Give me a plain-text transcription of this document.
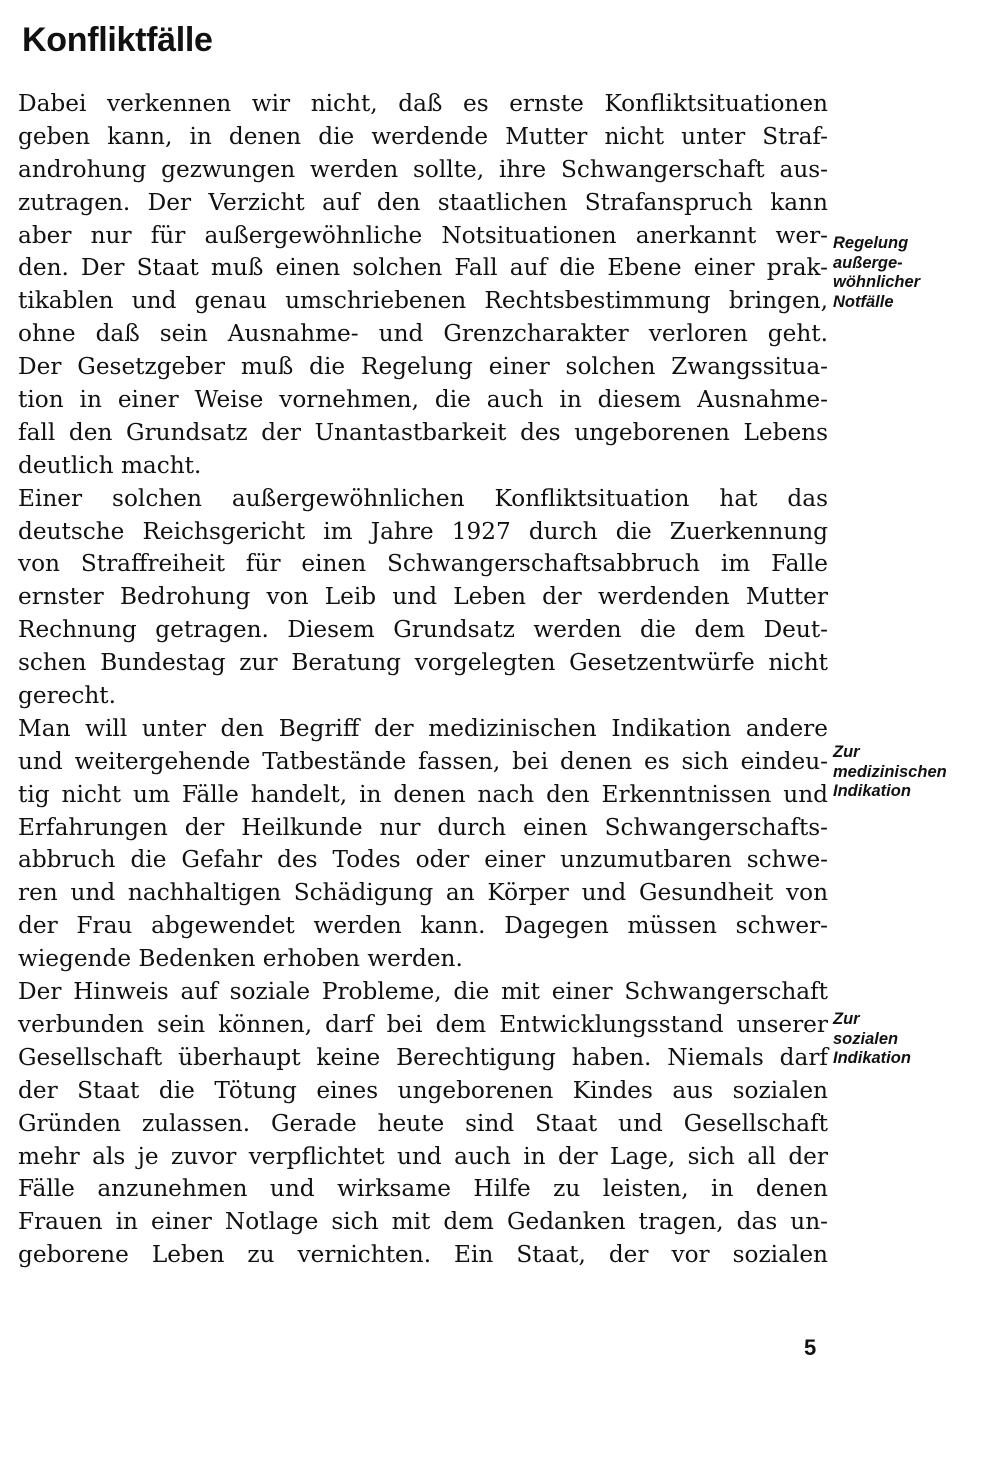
Konfliktfälle
Dabei verkennen wir nicht, daß es ernste Konfliktsituationen
geben kann, in denen die werdende Mutter nicht unter Straf-
androhung gezwungen werden sollte, ihre Schwangerschaft aus-
zutragen. Der Verzicht auf den staatlichen Strafanspruch kann
aber nur für außergewöhnliche Notsituationen anerkannt wer-
den. Der Staat muß einen solchen Fall auf die Ebene einer prak-
tikablen und genau umschriebenen Rechtsbestimmung bringen,
ohne daß sein Ausnahme- und Grenzcharakter verloren geht.
Der Gesetzgeber muß die Regelung einer solchen Zwangssitua-
tion in einer Weise vornehmen, die auch in diesem Ausnahme-
fall den Grundsatz der Unantastbarkeit des ungeborenen Lebens
deutlich macht.
Einer solchen außergewöhnlichen Konfliktsituation hat das
deutsche Reichsgericht im Jahre 1927 durch die Zuerkennung
von Straffreiheit für einen Schwangerschaftsabbruch im Falle
ernster Bedrohung von Leib und Leben der werdenden Mutter
Rechnung getragen. Diesem Grundsatz werden die dem Deut-
schen Bundestag zur Beratung vorgelegten Gesetzentwürfe nicht
gerecht.
Man will unter den Begriff der medizinischen Indikation andere
und weitergehende Tatbestände fassen, bei denen es sich eindeu-
tig nicht um Fälle handelt, in denen nach den Erkenntnissen und
Erfahrungen der Heilkunde nur durch einen Schwangerschafts-
abbruch die Gefahr des Todes oder einer unzumutbaren schwe-
ren und nachhaltigen Schädigung an Körper und Gesundheit von
der Frau abgewendet werden kann. Dagegen müssen schwer-
wiegende Bedenken erhoben werden.
Der Hinweis auf soziale Probleme, die mit einer Schwangerschaft
verbunden sein können, darf bei dem Entwicklungsstand unserer
Gesellschaft überhaupt keine Berechtigung haben. Niemals darf
der Staat die Tötung eines ungeborenen Kindes aus sozialen
Gründen zulassen. Gerade heute sind Staat und Gesellschaft
mehr als je zuvor verpflichtet und auch in der Lage, sich all der
Fälle anzunehmen und wirksame Hilfe zu leisten, in denen
Frauen in einer Notlage sich mit dem Gedanken tragen, das un-
geborene Leben zu vernichten. Ein Staat, der vor sozialen
Regelung
außerge-
wöhnlicher
Notfälle
Zur
medizinischen
Indikation
Zur
sozialen
Indikation

5
